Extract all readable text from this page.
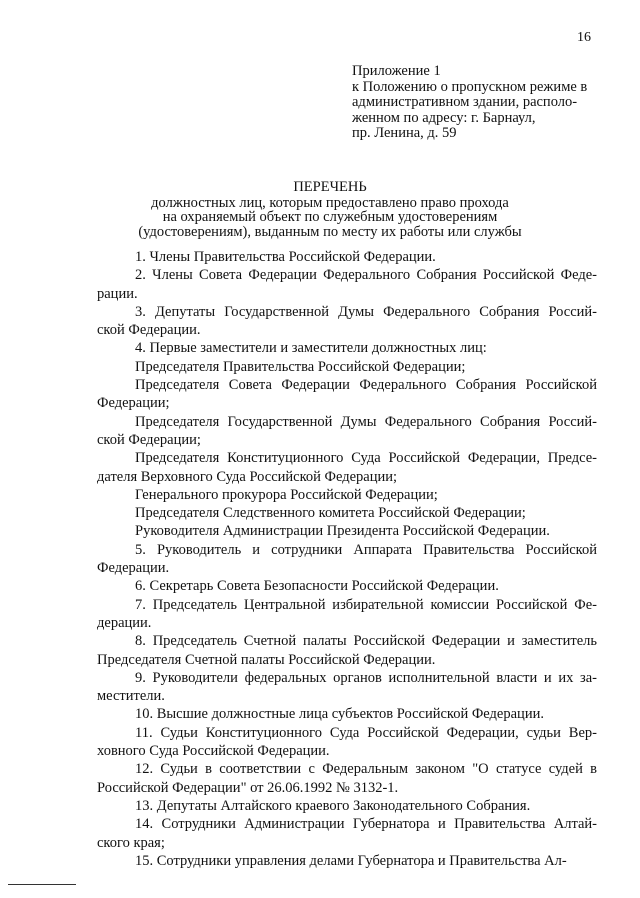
16
Приложение 1
к Положению о пропускном режиме в
административном здании, располо-
женном по адресу: г. Барнаул,
пр. Ленина, д. 59
ПЕРЕЧЕНЬ
должностных лиц, которым предоставлено право прохода
на охраняемый объект по служебным удостоверениям
(удостоверениям), выданным по месту их работы или службы
1. Члены Правительства Российской Федерации.
2. Члены Совета Федерации Федерального Собрания Российской Феде-
рации.
3. Депутаты Государственной Думы Федерального Собрания Россий-
ской Федерации.
4. Первые заместители и заместители должностных лиц:
Председателя Правительства Российской Федерации;
Председателя Совета Федерации Федерального Собрания Российской
Федерации;
Председателя Государственной Думы Федерального Собрания Россий-
ской Федерации;
Председателя Конституционного Суда Российской Федерации, Предсе-
дателя Верховного Суда Российской Федерации;
Генерального прокурора Российской Федерации;
Председателя Следственного комитета Российской Федерации;
Руководителя Администрации Президента Российской Федерации.
5. Руководитель и сотрудники Аппарата Правительства Российской
Федерации.
6. Секретарь Совета Безопасности Российской Федерации.
7. Председатель Центральной избирательной комиссии Российской Фе-
дерации.
8. Председатель Счетной палаты Российской Федерации и заместитель
Председателя Счетной палаты Российской Федерации.
9. Руководители федеральных органов исполнительной власти и их за-
местители.
10. Высшие должностные лица субъектов Российской Федерации.
11. Судьи Конституционного Суда Российской Федерации, судьи Вер-
ховного Суда Российской Федерации.
12. Судьи в соответствии с Федеральным законом "О статусе судей в
Российской Федерации" от 26.06.1992 № 3132-1.
13. Депутаты Алтайского краевого Законодательного Собрания.
14. Сотрудники Администрации Губернатора и Правительства Алтай-
ского края;
15. Сотрудники управления делами Губернатора и Правительства Ал-
